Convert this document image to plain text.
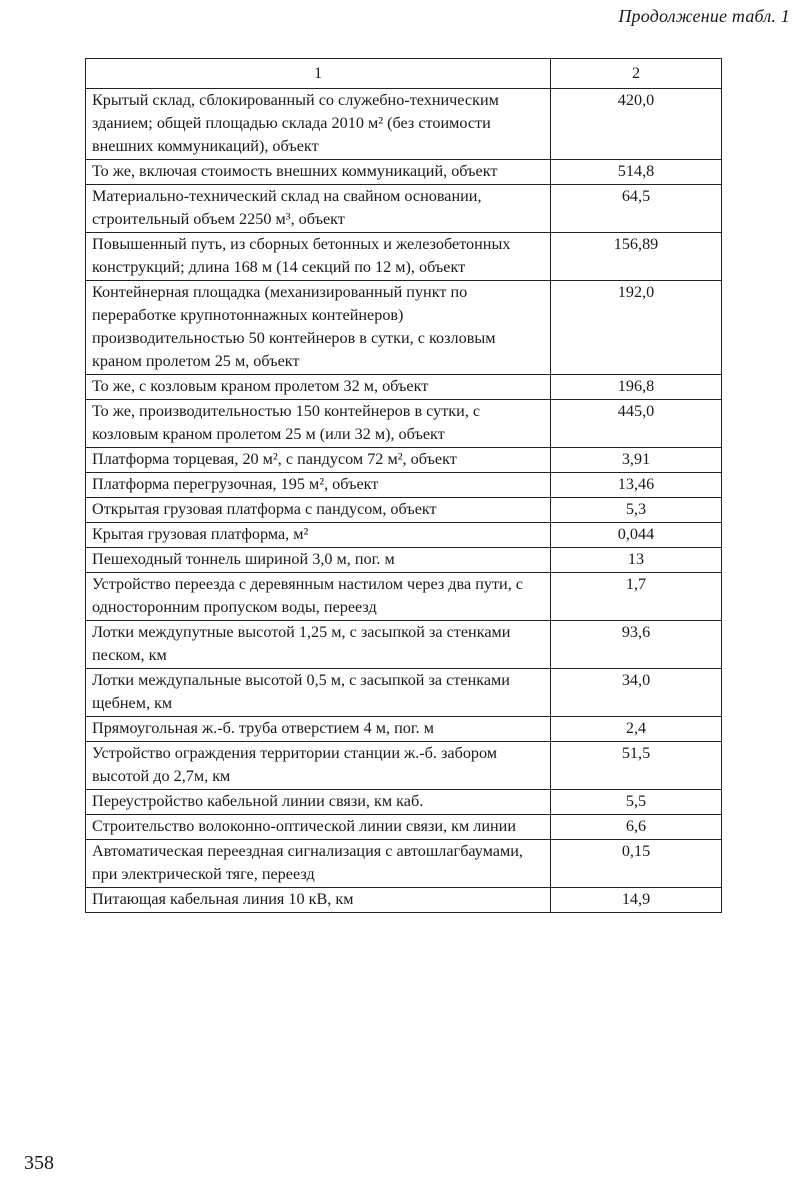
Продолжение табл. 1
1	2
Крытый склад, сблокированный со служебно-техническим зданием; общей площадью склада 2010 м² (без стоимости внешних коммуникаций), объект	420,0
То же, включая стоимость внешних коммуникаций, объект	514,8
Материально-технический склад на свайном основании, строительный объем 2250 м³, объект	64,5
Повышенный путь, из сборных бетонных и железобетонных конструкций; длина 168 м (14 секций по 12 м), объект	156,89
Контейнерная площадка (механизированный пункт по переработке крупнотоннажных контейнеров) производительностью 50 контейнеров в сутки, с козловым краном пролетом 25 м, объект	192,0
То же, с козловым краном пролетом 32 м, объект	196,8
То же, производительностью 150 контейнеров в сутки, с козловым краном пролетом 25 м (или 32 м), объект	445,0
Платформа торцевая, 20 м², с пандусом 72 м², объект	3,91
Платформа перегрузочная, 195 м², объект	13,46
Открытая грузовая платформа с пандусом, объект	5,3
Крытая грузовая платформа, м²	0,044
Пешеходный тоннель шириной 3,0 м, пог. м	13
Устройство переезда с деревянным настилом через два пути, с односторонним пропуском воды, переезд	1,7
Лотки междупутные высотой 1,25 м, с засыпкой за стенками песком, км	93,6
Лотки междупальные высотой 0,5 м, с засыпкой за стенками щебнем, км	34,0
Прямоугольная ж.-б. труба отверстием 4 м, пог. м	2,4
Устройство ограждения территории станции ж.-б. забором высотой до 2,7м, км	51,5
Переустройство кабельной линии связи, км каб.	5,5
Строительство волоконно-оптической линии связи, км линии	6,6
Автоматическая переездная сигнализация с автошлагбаумами, при электрической тяге, переезд	0,15
Питающая кабельная линия 10 кВ, км	14,9
358
